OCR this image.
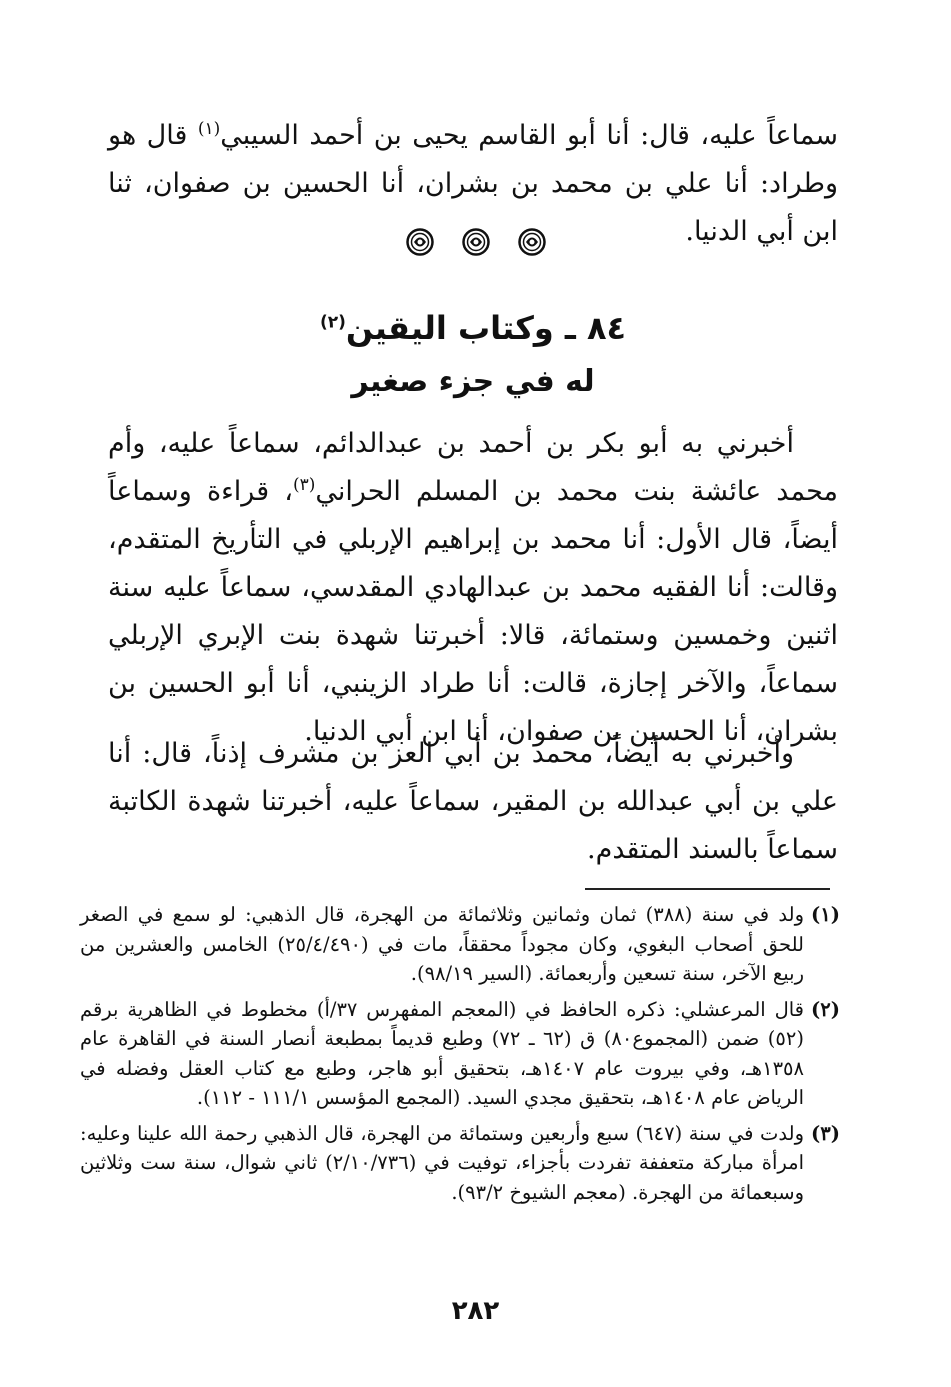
سماعاً عليه، قال: أنا أبو القاسم يحيى بن أحمد السيبي$^{(١)}$ قال هو وطراد: أنا علي بن محمد بن بشران، أنا الحسين بن صفوان، ثنا ابن أبي الدنيا.

٨٤ ـ وكتاب اليقين$^{(٢)}$
له في جزء صغير

أخبرني به أبو بكر بن أحمد بن عبدالدائم، سماعاً عليه، وأم محمد عائشة بنت محمد بن المسلم الحراني$^{(٣)}$، قراءة وسماعاً أيضاً، قال الأول: أنا محمد بن إبراهيم الإربلي في التأريخ المتقدم، وقالت: أنا الفقيه محمد بن عبدالهادي المقدسي، سماعاً عليه سنة اثنين وخمسين وستمائة، قالا: أخبرتنا شهدة بنت الإبري الإربلي سماعاً، والآخر إجازة، قالت: أنا طراد الزينبي، أنا أبو الحسين بن بشران، أنا الحسين بن صفوان، أنا ابن أبي الدنيا.

وأخبرني به أيضاً، محمد بن أبي العز بن مشرف إذناً، قال: أنا علي بن أبي عبدالله بن المقير، سماعاً عليه، أخبرتنا شهدة الكاتبة سماعاً بالسند المتقدم.

(١)
ولد في سنة (٣٨٨) ثمان وثمانين وثلاثمائة من الهجرة، قال الذهبي: لو سمع في الصغر للحق أصحاب البغوي، وكان مجوداً محققاً، مات في (٢٥/٤/٤٩٠) الخامس والعشرين من ربيع الآخر، سنة تسعين وأربعمائة. (السير ٩٨/١٩).
(٢)
قال المرعشلي: ذكره الحافظ في (المعجم المفهرس ٣٧/أ) مخطوط في الظاهرية برقم (٥٢) ضمن (المجموع٨٠) ق (٦٢ ـ ٧٢) وطبع قديماً بمطبعة أنصار السنة في القاهرة عام ١٣٥٨هـ، وفي بيروت عام ١٤٠٧هـ، بتحقيق أبو هاجر، وطبع مع كتاب العقل وفضله في الرياض عام ١٤٠٨هـ، بتحقيق مجدي السيد. (المجمع المؤسس ١١١/١ - ١١٢).
(٣)
ولدت في سنة (٦٤٧) سبع وأربعين وستمائة من الهجرة، قال الذهبي رحمة الله علينا وعليه: امرأة مباركة متعففة تفردت بأجزاء، توفيت في (٢/١٠/٧٣٦) ثاني شوال، سنة ست وثلاثين وسبعمائة من الهجرة. (معجم الشيوخ ٩٣/٢).
٢٨٢
